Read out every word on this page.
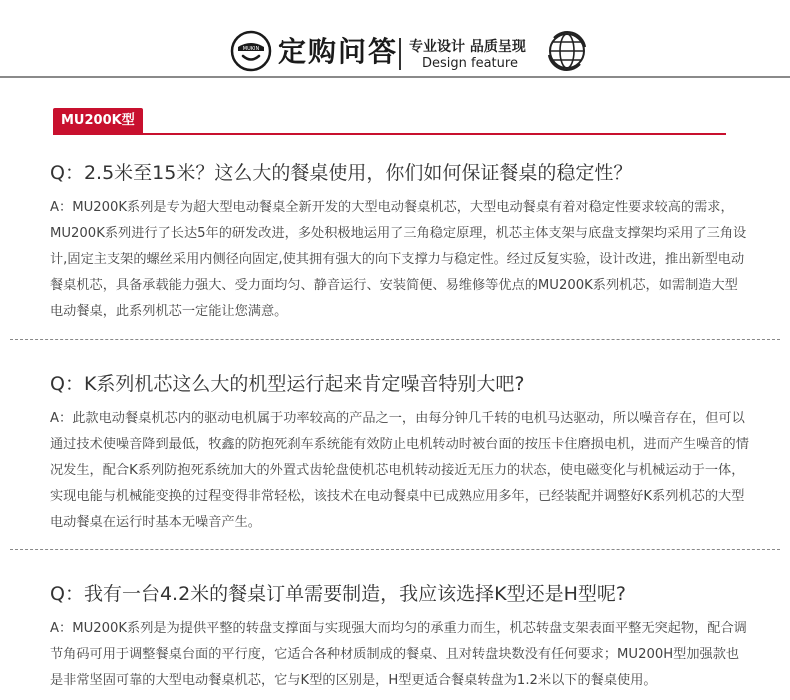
MUKIN 定购问答 专业设计 品质呈现
Design feature
MU200K型
Q：2.5米至15米？这么大的餐桌使用，你们如何保证餐桌的稳定性？
A：MU200K系列是专为超大型电动餐桌全新开发的大型电动餐桌机芯，大型电动餐桌有着对稳定性要求较高的需求，MU200K系列进行了长达5年的研发改进，多处积极地运用了三角稳定原理，机芯主体支架与底盘支撑架均采用了三角设计,固定主支架的螺丝采用内侧径向固定,使其拥有强大的向下支撑力与稳定性。经过反复实验，设计改进，推出新型电动餐桌机芯，具备承载能力强大、受力面均匀、静音运行、安装简便、易维修等优点的MU200K系列机芯，如需制造大型电动餐桌，此系列机芯一定能让您满意。
Q：K系列机芯这么大的机型运行起来肯定噪音特别大吧?
A：此款电动餐桌机芯内的驱动电机属于功率较高的产品之一，由每分钟几千转的电机马达驱动，所以噪音存在，但可以通过技术使噪音降到最低，牧鑫的防抱死刹车系统能有效防止电机转动时被台面的按压卡住磨损电机，进而产生噪音的情况发生，配合K系列防抱死系统加大的外置式齿轮盘使机芯电机转动接近无压力的状态，使电磁变化与机械运动于一体，实现电能与机械能变换的过程变得非常轻松，该技术在电动餐桌中已成熟应用多年，已经装配并调整好K系列机芯的大型电动餐桌在运行时基本无噪音产生。
Q：我有一台4.2米的餐桌订单需要制造，我应该选择K型还是H型呢?
A：MU200K系列是为提供平整的转盘支撑面与实现强大而均匀的承重力而生，机芯转盘支架表面平整无突起物，配合调节角码可用于调整餐桌台面的平行度，它适合各种材质制成的餐桌、且对转盘块数没有任何要求；MU200H型加强款也是非常坚固可靠的大型电动餐桌机芯，它与K型的区别是，H型更适合餐桌转盘为1.2米以下的餐桌使用。
